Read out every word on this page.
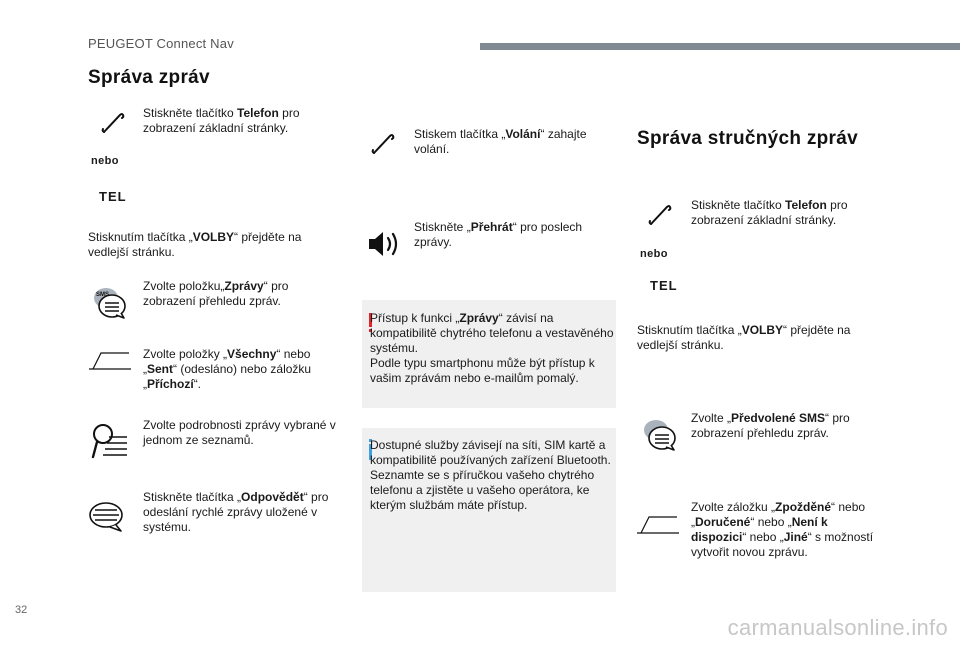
PEUGEOT Connect Nav
Správa zpráv
Stiskněte tlačítko Telefon pro zobrazení základní stránky.
nebo
TEL
Stisknutím tlačítka „VOLBY“ přejděte na vedlejší stránku.
SMS
Zvolte položku„Zprávy“ pro zobrazení přehledu zpráv.
Zvolte položky „Všechny“ nebo „Sent“ (odesláno) nebo záložku „Příchozí“.
Zvolte podrobnosti zprávy vybrané v jednom ze seznamů.
Stiskněte tlačítka „Odpovědět“ pro odeslání rychlé zprávy uložené v systému.
Stiskem tlačítka „Volání“ zahajte volání.
Stiskněte „Přehrát“ pro poslech zprávy.
Přístup k funkci „Zprávy“ závisí na kompatibilitě chytrého telefonu a vestavěného systému.
Podle typu smartphonu může být přístup k vašim zprávám nebo e-mailům pomalý.
Dostupné služby závisejí na síti, SIM kartě a kompatibilitě používaných zařízení Bluetooth.
Seznamte se s příručkou vašeho chytrého telefonu a zjistěte u vašeho operátora, ke kterým službám máte přístup.
Správa stručných zpráv
Stiskněte tlačítko Telefon pro zobrazení základní stránky.
nebo
TEL
Stisknutím tlačítka „VOLBY“ přejděte na vedlejší stránku.
Zvolte „Předvolené SMS“ pro zobrazení přehledu zpráv.
Zvolte záložku „Zpožděné“ nebo „Doručené“ nebo „Není k dispozici“ nebo „Jiné“ s možností vytvořit novou zprávu.
32
carmanualsonline.info
